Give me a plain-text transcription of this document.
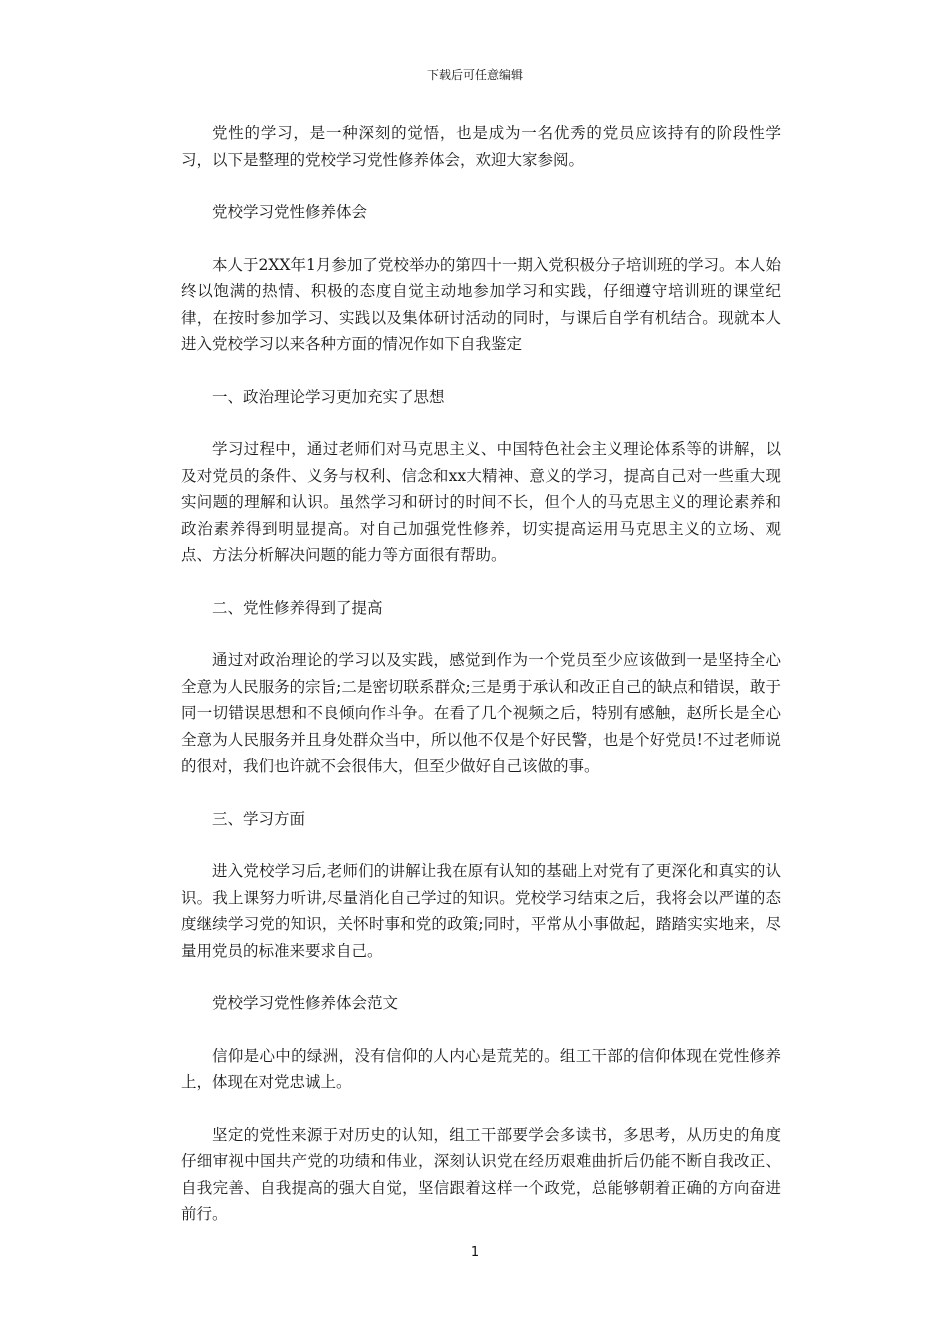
下载后可任意编辑

党性的学习，是一种深刻的觉悟，也是成为一名优秀的党员应该持有的阶段性学习，以下是整理的党校学习党性修养体会，欢迎大家参阅。

党校学习党性修养体会

本人于2XX年1月参加了党校举办的第四十一期入党积极分子培训班的学习。本人始终以饱满的热情、积极的态度自觉主动地参加学习和实践，仔细遵守培训班的课堂纪律，在按时参加学习、实践以及集体研讨活动的同时，与课后自学有机结合。现就本人进入党校学习以来各种方面的情况作如下自我鉴定

一、政治理论学习更加充实了思想

学习过程中，通过老师们对马克思主义、中国特色社会主义理论体系等的讲解，以及对党员的条件、义务与权利、信念和xx大精神、意义的学习，提高自己对一些重大现实问题的理解和认识。虽然学习和研讨的时间不长，但个人的马克思主义的理论素养和政治素养得到明显提高。对自己加强党性修养，切实提高运用马克思主义的立场、观点、方法分析解决问题的能力等方面很有帮助。

二、党性修养得到了提高

通过对政治理论的学习以及实践，感觉到作为一个党员至少应该做到一是坚持全心全意为人民服务的宗旨;二是密切联系群众;三是勇于承认和改正自己的缺点和错误，敢于同一切错误思想和不良倾向作斗争。在看了几个视频之后，特别有感触，赵所长是全心全意为人民服务并且身处群众当中，所以他不仅是个好民警，也是个好党员!不过老师说的很对，我们也许就不会很伟大，但至少做好自己该做的事。

三、学习方面

进入党校学习后,老师们的讲解让我在原有认知的基础上对党有了更深化和真实的认识。我上课努力听讲,尽量消化自己学过的知识。党校学习结束之后，我将会以严谨的态度继续学习党的知识，关怀时事和党的政策;同时，平常从小事做起，踏踏实实地来，尽量用党员的标准来要求自己。

党校学习党性修养体会范文

信仰是心中的绿洲，没有信仰的人内心是荒芜的。组工干部的信仰体现在党性修养上，体现在对党忠诚上。

坚定的党性来源于对历史的认知，组工干部要学会多读书，多思考，从历史的角度仔细审视中国共产党的功绩和伟业，深刻认识党在经历艰难曲折后仍能不断自我改正、自我完善、自我提高的强大自觉，坚信跟着这样一个政党，总能够朝着正确的方向奋进前行。

1
